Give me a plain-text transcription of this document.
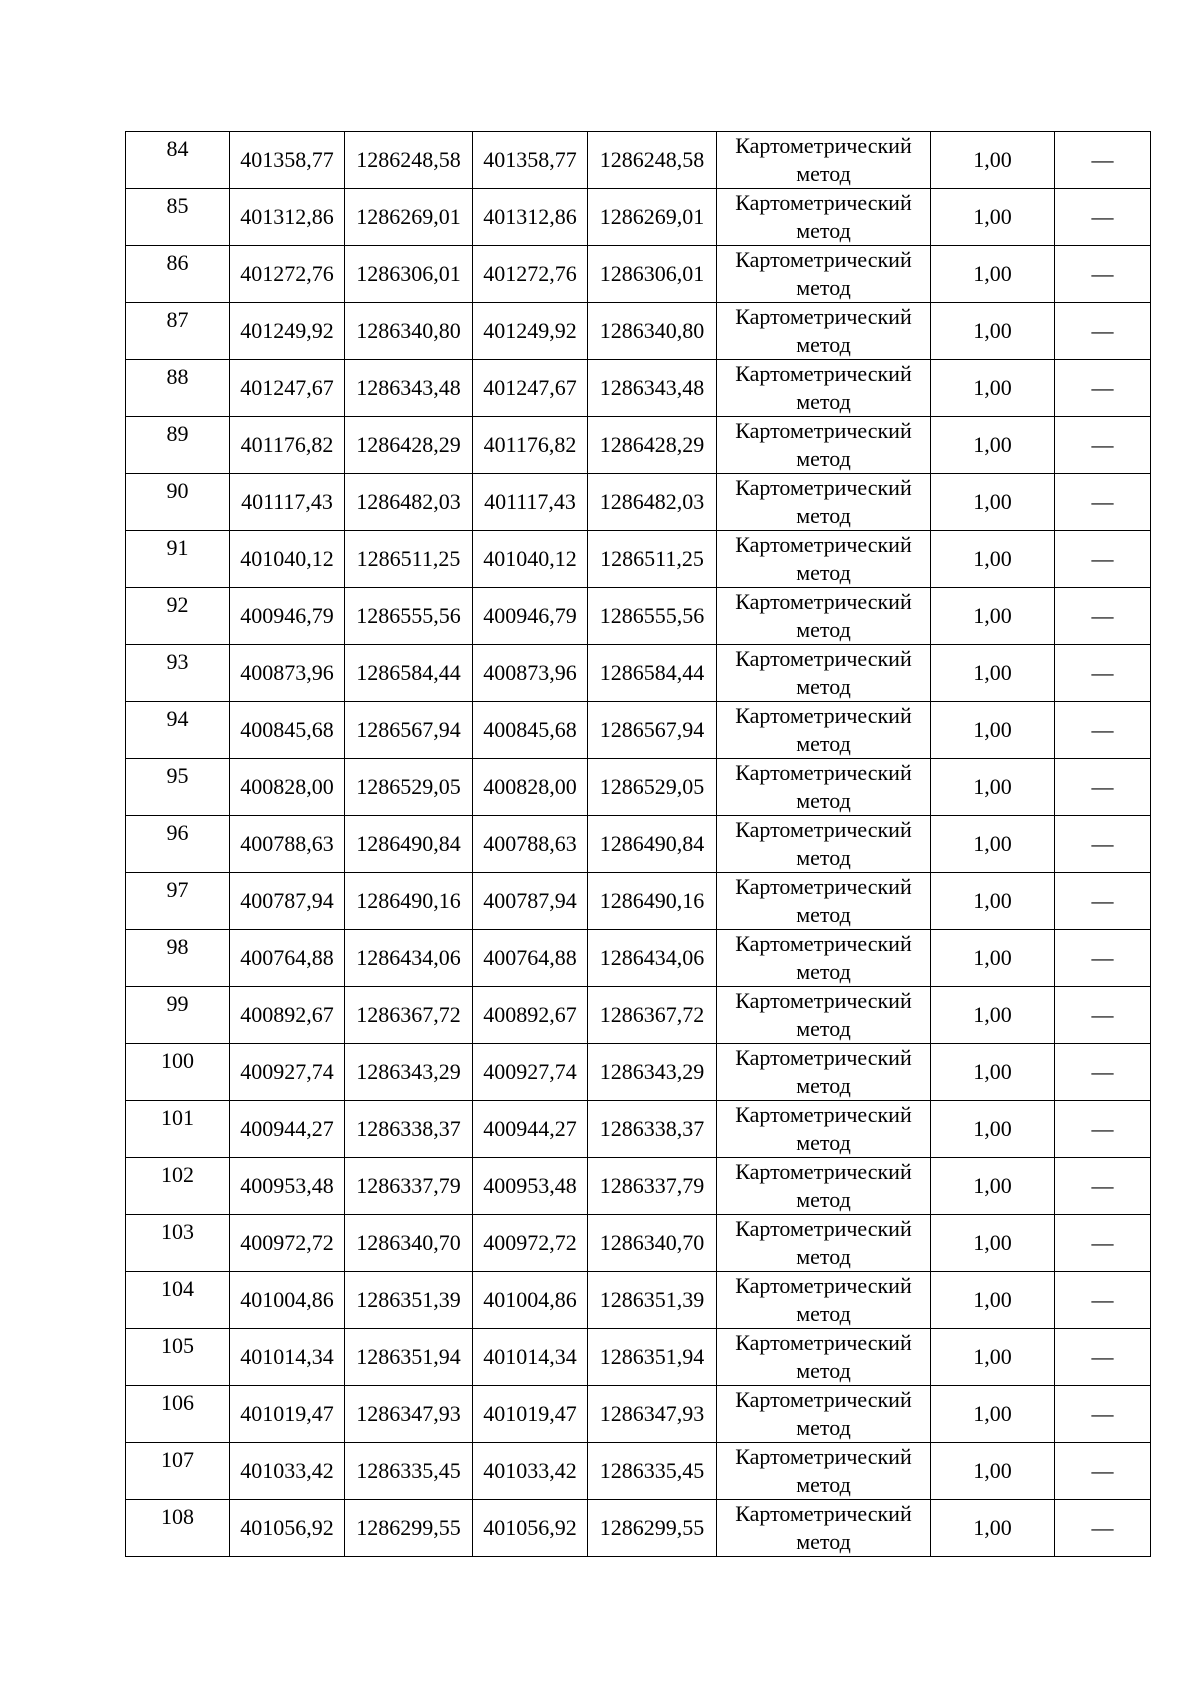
84	401358,77	1286248,58	401358,77	1286248,58	Картометрический
метод	1,00	—
85	401312,86	1286269,01	401312,86	1286269,01	Картометрический
метод	1,00	—
86	401272,76	1286306,01	401272,76	1286306,01	Картометрический
метод	1,00	—
87	401249,92	1286340,80	401249,92	1286340,80	Картометрический
метод	1,00	—
88	401247,67	1286343,48	401247,67	1286343,48	Картометрический
метод	1,00	—
89	401176,82	1286428,29	401176,82	1286428,29	Картометрический
метод	1,00	—
90	401117,43	1286482,03	401117,43	1286482,03	Картометрический
метод	1,00	—
91	401040,12	1286511,25	401040,12	1286511,25	Картометрический
метод	1,00	—
92	400946,79	1286555,56	400946,79	1286555,56	Картометрический
метод	1,00	—
93	400873,96	1286584,44	400873,96	1286584,44	Картометрический
метод	1,00	—
94	400845,68	1286567,94	400845,68	1286567,94	Картометрический
метод	1,00	—
95	400828,00	1286529,05	400828,00	1286529,05	Картометрический
метод	1,00	—
96	400788,63	1286490,84	400788,63	1286490,84	Картометрический
метод	1,00	—
97	400787,94	1286490,16	400787,94	1286490,16	Картометрический
метод	1,00	—
98	400764,88	1286434,06	400764,88	1286434,06	Картометрический
метод	1,00	—
99	400892,67	1286367,72	400892,67	1286367,72	Картометрический
метод	1,00	—
100	400927,74	1286343,29	400927,74	1286343,29	Картометрический
метод	1,00	—
101	400944,27	1286338,37	400944,27	1286338,37	Картометрический
метод	1,00	—
102	400953,48	1286337,79	400953,48	1286337,79	Картометрический
метод	1,00	—
103	400972,72	1286340,70	400972,72	1286340,70	Картометрический
метод	1,00	—
104	401004,86	1286351,39	401004,86	1286351,39	Картометрический
метод	1,00	—
105	401014,34	1286351,94	401014,34	1286351,94	Картометрический
метод	1,00	—
106	401019,47	1286347,93	401019,47	1286347,93	Картометрический
метод	1,00	—
107	401033,42	1286335,45	401033,42	1286335,45	Картометрический
метод	1,00	—
108	401056,92	1286299,55	401056,92	1286299,55	Картометрический
метод	1,00	—
